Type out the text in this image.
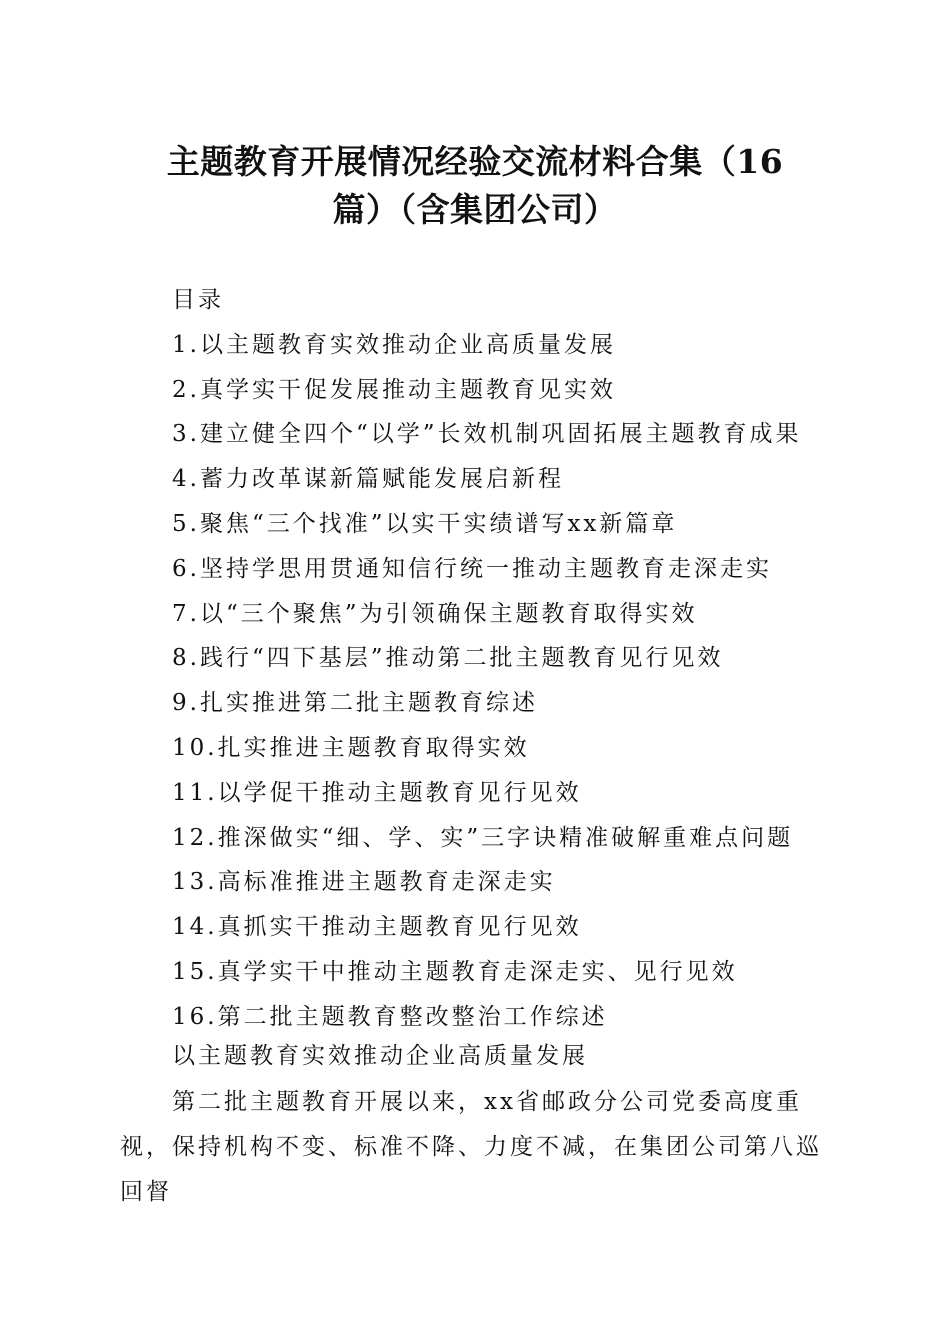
主题教育开展情况经验交流材料合集（16
篇）（含集团公司）
目录
1.以主题教育实效推动企业高质量发展
2.真学实干促发展推动主题教育见实效
3.建立健全四个“以学”长效机制巩固拓展主题教育成果
4.蓄力改革谋新篇赋能发展启新程
5.聚焦“三个找准”以实干实绩谱写xx新篇章
6.坚持学思用贯通知信行统一推动主题教育走深走实
7.以“三个聚焦”为引领确保主题教育取得实效
8.践行“四下基层”推动第二批主题教育见行见效
9.扎实推进第二批主题教育综述
10.扎实推进主题教育取得实效
11.以学促干推动主题教育见行见效
12.推深做实“细、学、实”三字诀精准破解重难点问题
13.高标准推进主题教育走深走实
14.真抓实干推动主题教育见行见效
15.真学实干中推动主题教育走深走实、见行见效
16.第二批主题教育整改整治工作综述
以主题教育实效推动企业高质量发展

第二批主题教育开展以来，xx省邮政分公司党委高度重视，保持机构不变、标准不降、力度不减，在集团公司第八巡回督
